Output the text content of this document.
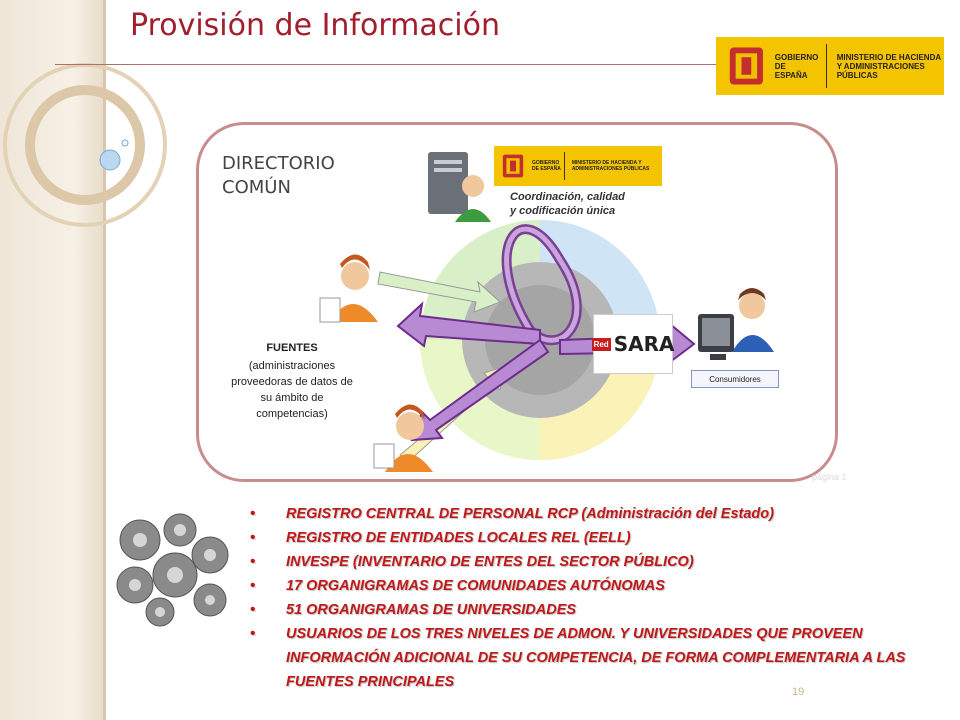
Provisión de Información
GOBIERNO
DE ESPAÑA
MINISTERIO DE HACIENDA Y ADMINISTRACIONES PÚBLICAS
DIRECTORIO
COMÚN
GOBIERNO
DE ESPAÑA
MINISTERIO DE HACIENDA Y ADMINISTRACIONES PÚBLICAS
Coordinación, calidad
y codificación única
FUENTES
(administraciones proveedoras de datos de su ámbito de competencias)
Red SARA
Consumidores
página 1
• REGISTRO CENTRAL DE PERSONAL RCP (Administración del Estado)
• REGISTRO DE ENTIDADES LOCALES REL (EELL)
• INVESPE (INVENTARIO DE ENTES DEL SECTOR PÚBLICO)
• 17 ORGANIGRAMAS DE COMUNIDADES AUTÓNOMAS
• 51 ORGANIGRAMAS DE UNIVERSIDADES
• USUARIOS DE LOS TRES NIVELES DE ADMON. Y UNIVERSIDADES QUE PROVEEN INFORMACIÓN ADICIONAL DE SU COMPETENCIA, DE FORMA COMPLEMENTARIA A LAS FUENTES PRINCIPALES
19
